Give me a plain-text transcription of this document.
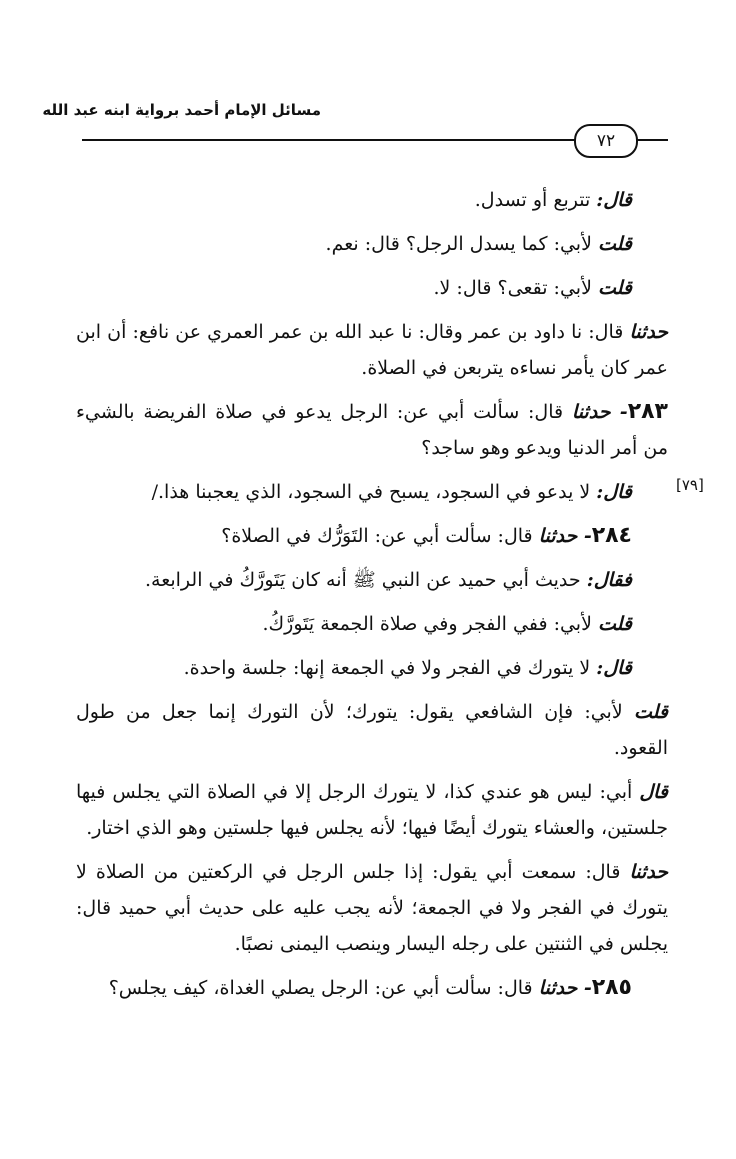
مسائل الإمام أحمد برواية ابنه عبد الله
٧٢
[٧٩]

قال: تتربع أو تسدل.

قلت لأبي: كما يسدل الرجل؟ قال: نعم.

قلت لأبي: تقعى؟ قال: لا.

حدثنا قال: نا داود بن عمر وقال: نا عبد الله بن عمر العمري عن نافع: أن ابن عمر كان يأمر نساءه يتربعن في الصلاة.

٢٨٣- حدثنا قال: سألت أبي عن: الرجل يدعو في صلاة الفريضة بالشيء من أمر الدنيا ويدعو وهو ساجد؟

قال: لا يدعو في السجود، يسبح في السجود، الذي يعجبنا هذا./

٢٨٤- حدثنا قال: سألت أبي عن: التَوَرُّك في الصلاة؟

فقال: حديث أبي حميد عن النبي ﷺ أنه كان يَتَورَّكُ في الرابعة.

قلت لأبي: ففي الفجر وفي صلاة الجمعة يَتَورَّكُ.

قال: لا يتورك في الفجر ولا في الجمعة إنها: جلسة واحدة.

قلت لأبي: فإن الشافعي يقول: يتورك؛ لأن التورك إنما جعل من طول القعود.

قال أبي: ليس هو عندي كذا، لا يتورك الرجل إلا في الصلاة التي يجلس فيها جلستين، والعشاء يتورك أيضًا فيها؛ لأنه يجلس فيها جلستين وهو الذي اختار.

حدثنا قال: سمعت أبي يقول: إذا جلس الرجل في الركعتين من الصلاة لا يتورك في الفجر ولا في الجمعة؛ لأنه يجب عليه على حديث أبي حميد قال: يجلس في الثنتين على رجله اليسار وينصب اليمنى نصبًا.

٢٨٥- حدثنا قال: سألت أبي عن: الرجل يصلي الغداة، كيف يجلس؟
